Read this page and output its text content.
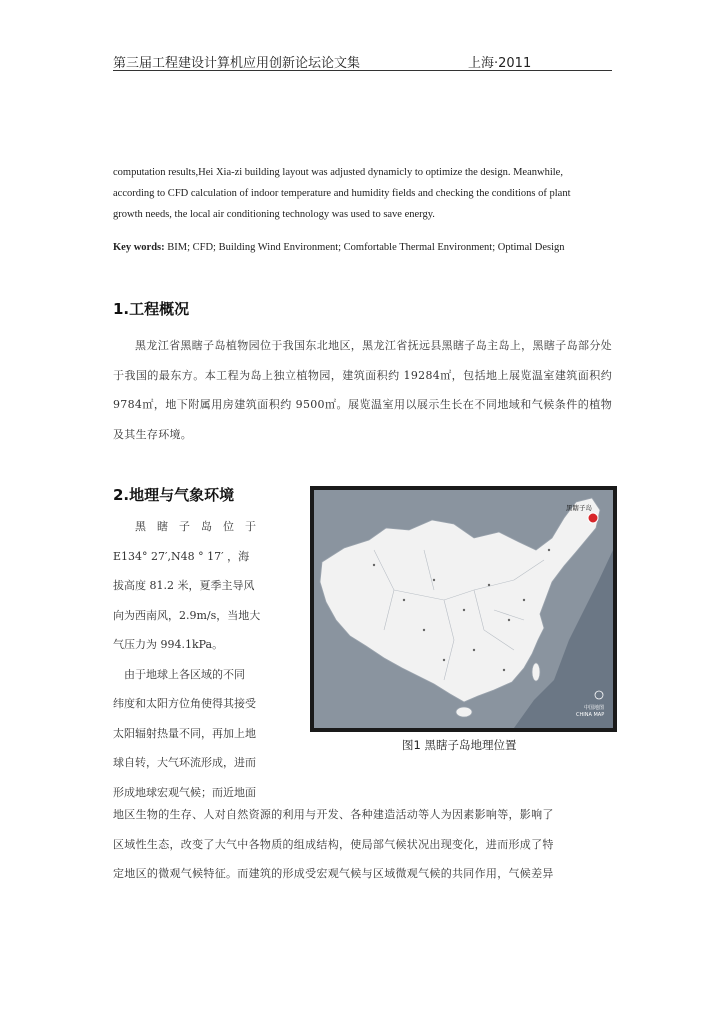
第三届工程建设计算机应用创新论坛论文集	上海·2011

computation results,Hei Xia-zi building layout was adjusted dynamicly to optimize the design. Meanwhile,

according to CFD calculation of indoor temperature and humidity fields and checking the conditions of plant

growth needs, the local air conditioning technology was used to save energy.

Key words: BIM; CFD; Building Wind Environment; Comfortable Thermal Environment; Optimal Design
1.工程概况

黑龙江省黑瞎子岛植物园位于我国东北地区，黑龙江省抚远县黑瞎子岛主岛上，黑瞎子岛部分处于我国的最东方。本工程为岛上独立植物园，建筑面积约 19284㎡，包括地上展览温室建筑面积约 9784㎡，地下附属用房建筑面积约 9500㎡。展览温室用以展示生长在不同地域和气候条件的植物及其生存环境。

2.地理与气象环境

黑　瞎　子　岛　位　于

E134° 27′,N48 ° 17′ ，海

拔高度 81.2 米，夏季主导风

向为西南风，2.9m/s，当地大

气压力为 994.1kPa。

　由于地球上各区域的不同

纬度和太阳方位角使得其接受

太阳辐射热量不同，再加上地

球自转，大气环流形成，进而

形成地球宏观气候；而近地面

地区生物的生存、人对自然资源的利用与开发、各种建造活动等人为因素影响等，影响了

区域性生态，改变了大气中各物质的组成结构，使局部气候状况出现变化，进而形成了特

定地区的微观气候特征。而建筑的形成受宏观气候与区域微观气候的共同作用，气候差异

黑瞎子岛
中国地图
CHINA MAP
图1 黑瞎子岛地理位置
